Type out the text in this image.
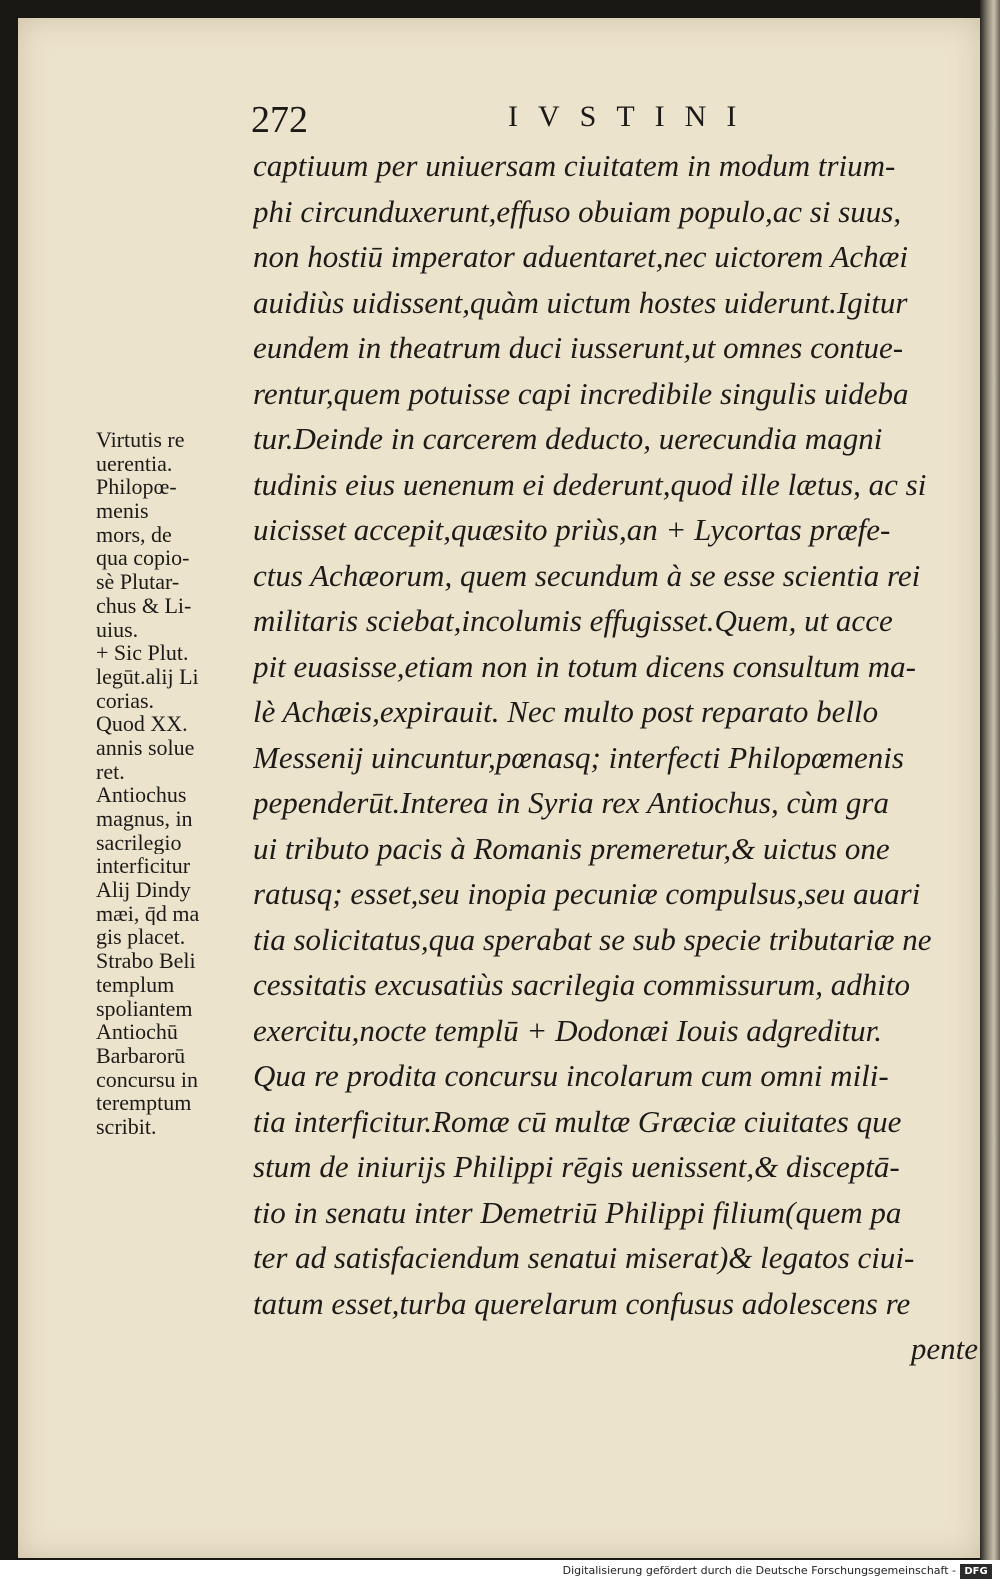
272	IVSTINI
captiuum per uniuersam ciuitatem in modum trium-
phi circunduxerunt,effuso obuiam populo,ac si suus,
non hostiū imperator aduentaret,nec uictorem Achæi
auidiùs uidissent,quàm uictum hostes uiderunt.Igitur
eundem in theatrum duci iusserunt,ut omnes contue-
rentur,quem potuisse capi incredibile singulis uideba
tur.Deinde in carcerem deducto, uerecundia magni
tudinis eius uenenum ei dederunt,quod ille lætus, ac si
uicisset accepit,quæsito priùs,an + Lycortas præfe-
ctus Achæorum, quem secundum à se esse scientia rei
militaris sciebat,incolumis effugisset.Quem, ut acce
pit euasisse,etiam non in totum dicens consultum ma-
lè Achæis,expirauit. Nec multo post reparato bello
Messenij uincuntur,pœnasq; interfecti Philopœmenis
pependerūt.Interea in Syria rex Antiochus, cùm gra
ui tributo pacis à Romanis premeretur,& uictus one
ratusq; esset,seu inopia pecuniæ compulsus,seu auari
tia solicitatus,qua sperabat se sub specie tributariæ ne
cessitatis excusatiùs sacrilegia commissurum, adhito
exercitu,nocte templū + Dodonæi Iouis adgreditur.
Qua re prodita concursu incolarum cum omni mili-
tia interficitur.Romæ cū multæ Græciæ ciuitates que
stum de iniurijs Philippi rēgis uenissent,& disceptā-
tio in senatu inter Demetriū Philippi filium(quem pa
ter ad satisfaciendum senatui miserat)& legatos ciui-
tatum esset,turba querelarum confusus adolescens re
pente
Virtutis re
uerentia.
Philopœ-
menis
mors, de
qua copio-
sè Plutar-
chus & Li-
uius.
+ Sic Plut.
legūt.alij Li
corias.
Quod XX.
annis solue
ret.
Antiochus
magnus, in
sacrilegio
interficitur
Alij Dindy
mæi, q̄d ma
gis placet.
Strabo Beli
templum
spoliantem
Antiochū
Barbarorū
concursu in
teremptum
scribit.
Digitalisierung gefördert durch die Deutsche Forschungsgemeinschaft - DFG
